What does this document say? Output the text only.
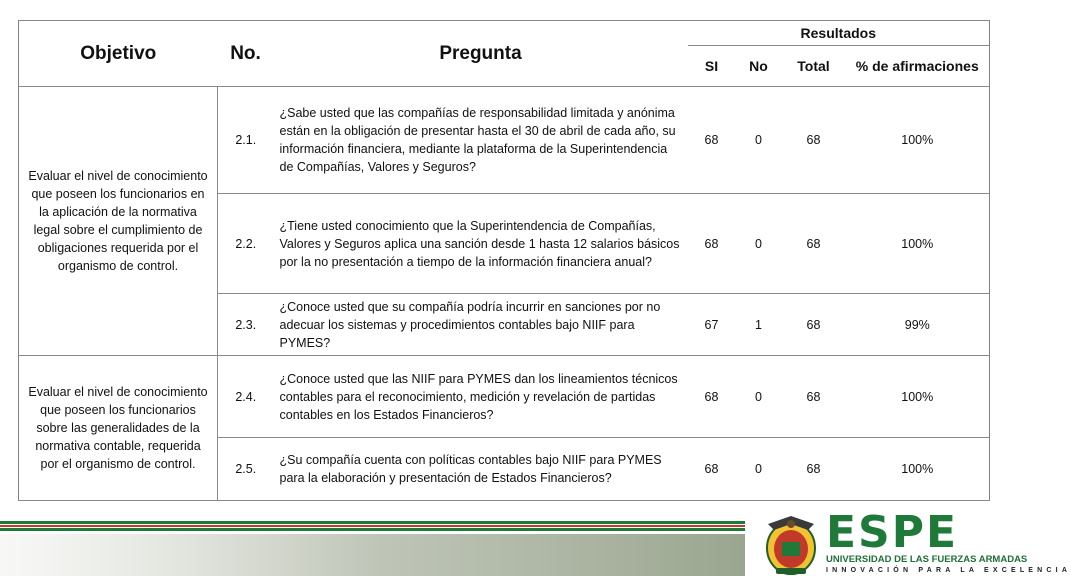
Objetivo	No.	Pregunta	Resultados			
			SI	No	Total	% de afirmaciones
Evaluar el nivel de conocimiento que poseen los funcionarios en la aplicación de la normativa legal sobre el cumplimiento de obligaciones requerida por el organismo de control.	2.1.	¿Sabe usted que las compañías de responsabilidad limitada y anónima están en la obligación de presentar hasta el 30 de abril de cada año, su información financiera, mediante la plataforma de la Superintendencia de Compañías, Valores y Seguros?	68	0	68	100%
	2.2.	¿Tiene usted conocimiento que la Superintendencia de Compañías, Valores y Seguros aplica una sanción desde 1 hasta 12 salarios básicos por la no presentación a tiempo de la información financiera anual?	68	0	68	100%
	2.3.	¿Conoce usted que su compañía podría incurrir en sanciones por no adecuar los sistemas y procedimientos contables bajo NIIF para PYMES?	67	1	68	99%
Evaluar el nivel de conocimiento que poseen los funcionarios sobre las generalidades de la normativa contable, requerida por el organismo de control.	2.4.	¿Conoce usted que las NIIF para PYMES dan los lineamientos técnicos contables para el reconocimiento, medición y revelación de partidas contables en los Estados Financieros?	68	0	68	100%
	2.5.	¿Su compañía cuenta con políticas contables bajo NIIF para PYMES para la elaboración y presentación de Estados Financieros?	68	0	68	100%
ESPE
UNIVERSIDAD DE LAS FUERZAS ARMADAS
INNOVACIÓN PARA LA EXCELENCIA
